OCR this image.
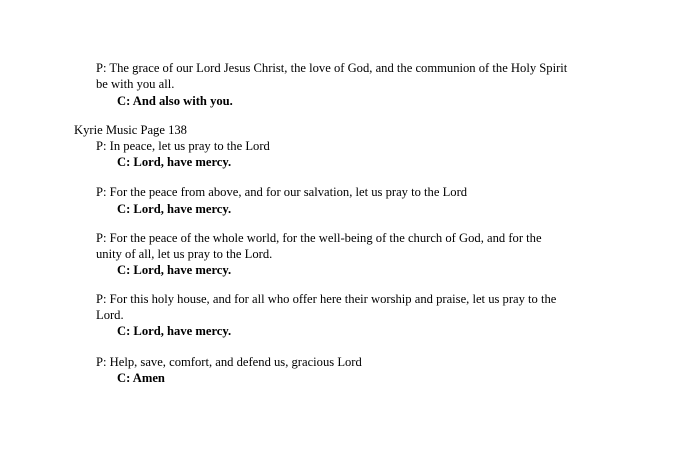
P: The grace of our Lord Jesus Christ, the love of God, and the communion of the Holy Spirit
be with you all.
C: And also with you.
Kyrie Music Page 138
P: In peace, let us pray to the Lord
C: Lord, have mercy.
P: For the peace from above, and for our salvation, let us pray to the Lord
C: Lord, have mercy.
P: For the peace of the whole world, for the well-being of the church of God, and for the
unity of all, let us pray to the Lord.
C: Lord, have mercy.
P: For this holy house, and for all who offer here their worship and praise, let us pray to the
Lord.
C: Lord, have mercy.
P: Help, save, comfort, and defend us, gracious Lord
C: Amen
